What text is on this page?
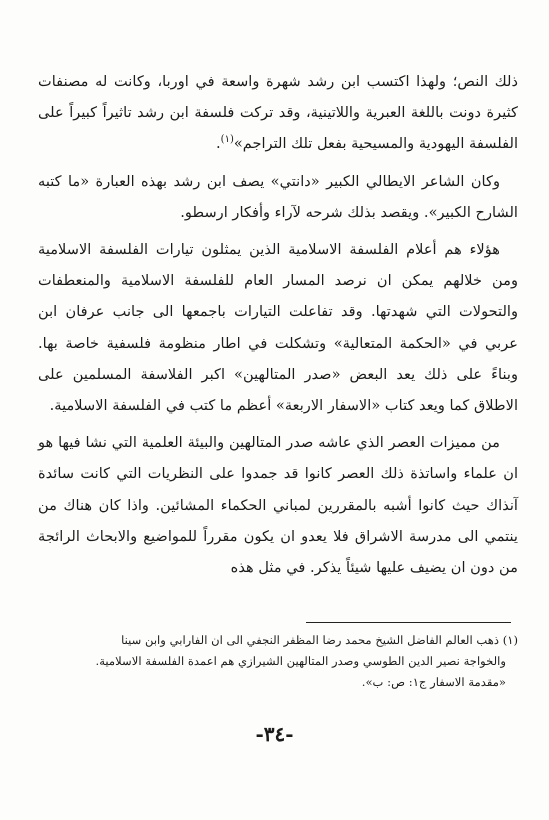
ذلك النص؛ ولهذا اكتسب ابن رشد شهرة واسعة في اوربا، وكانت له مصنفات كثيرة دونت باللغة العبرية واللاتينية، وقد تركت فلسفة ابن رشد تاثيراً كبيراً على الفلسفة اليهودية والمسيحية بفعل تلك التراجم»$^{(١)}$.

وكان الشاعر الايطالي الكبير «دانتي» يصف ابن رشد بهذه العبارة «ما كتبه الشارح الكبير». ويقصد بذلك شرحه لآراء وأفكار ارسطو.

هؤلاء هم أعلام الفلسفة الاسلامية الذين يمثلون تيارات الفلسفة الاسلامية ومن خلالهم يمكن ان نرصد المسار العام للفلسفة الاسلامية والمنعطفات والتحولات التي شهدتها. وقد تفاعلت التيارات باجمعها الى جانب عرفان ابن عربي في «الحكمة المتعالية» وتشكلت في اطار منظومة فلسفية خاصة بها. وبناءً على ذلك يعد البعض «صدر المتالهين» اكبر الفلاسفة المسلمين على الاطلاق كما ويعد كتاب «الاسفار الاربعة» أعظم ما كتب في الفلسفة الاسلامية.

من مميزات العصر الذي عاشه صدر المتالهين والبيئة العلمية التي نشا فيها هو ان علماء واساتذة ذلك العصر كانوا قد جمدوا على النظريات التي كانت سائدة آنذاك حيث كانوا أشبه بالمقررين لمباني الحكماء المشائين. واذا كان هناك من ينتمي الى مدرسة الاشراق فلا يعدو ان يكون مقرراً للمواضيع والابحاث الرائجة من دون ان يضيف عليها شيئاً يذكر. في مثل هذه

(١) ذهب العالم الفاضل الشيخ محمد رضا المظفر النجفي الى ان الفارابي وابن سينا

والخواجة نصير الدين الطوسي وصدر المتالهين الشيرازي هم اعمدة الفلسفة الاسلامية.

«مقدمة الاسفار ج١: ص: ب».

-٣٤-
